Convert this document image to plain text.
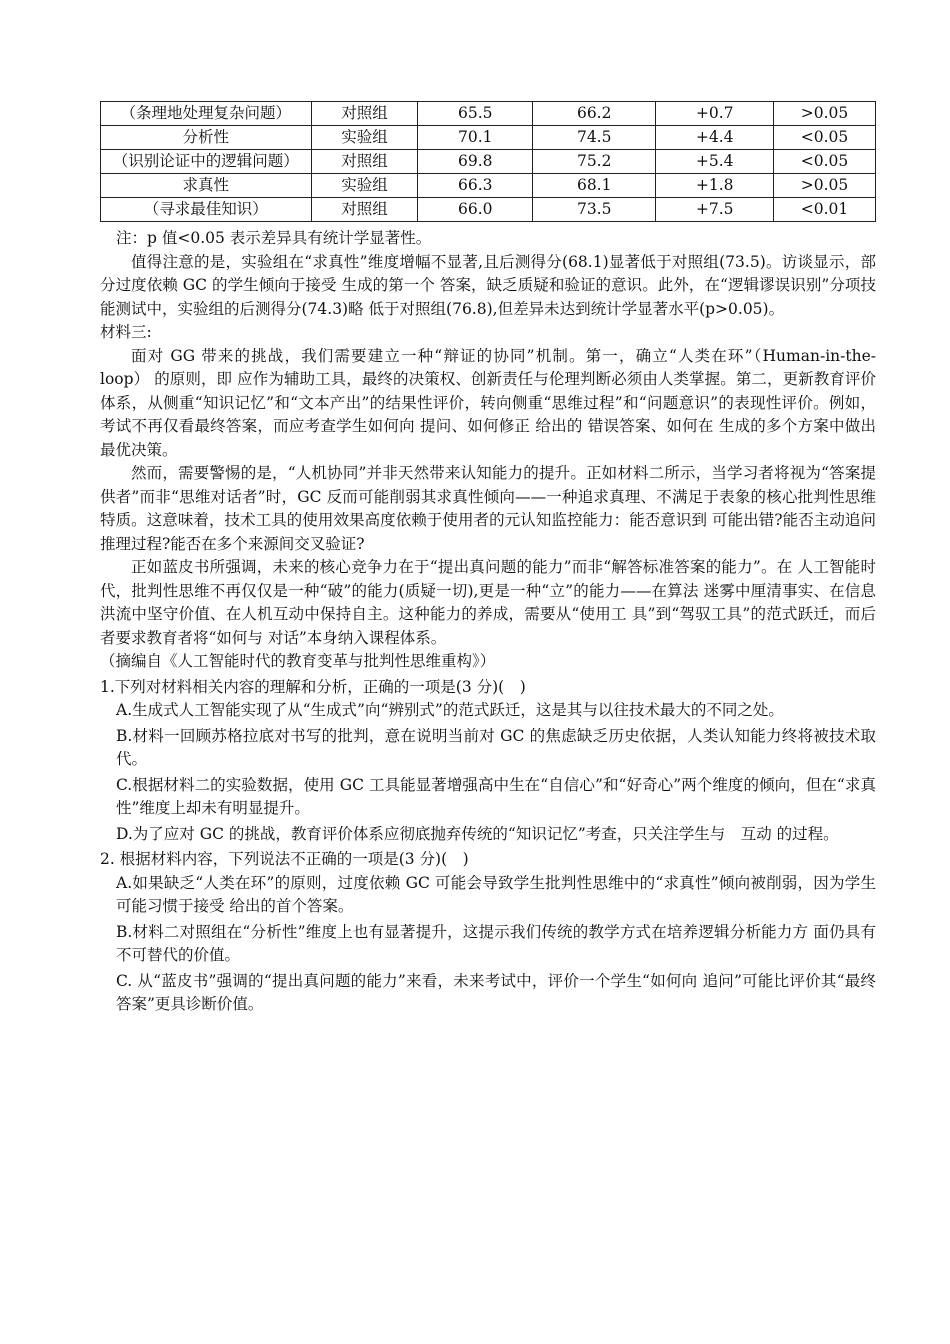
（条理地处理复杂问题）	对照组	65.5	66.2	+0.7	>0.05
分析性	实验组	70.1	74.5	+4.4	<0.05
（识别论证中的逻辑问题）	对照组	69.8	75.2	+5.4	<0.05
求真性	实验组	66.3	68.1	+1.8	>0.05
（寻求最佳知识）	对照组	66.0	73.5	+7.5	<0.01

注：p 值<0.05 表示差异具有统计学显著性。

值得注意的是，实验组在“求真性”维度增幅不显著,且后测得分(68.1)显著低于对照组(73.5)。访谈显示，部分过度依赖 GC 的学生倾向于接受 生成的第一个 答案，缺乏质疑和验证的意识。此外，在“逻辑谬误识别”分项技能测试中，实验组的后测得分(74.3)略 低于对照组(76.8),但差异未达到统计学显著水平(p>0.05)。

材料三:

面对 GG 带来的挑战，我们需要建立一种“辩证的协同”机制。第一，确立“人类在环”（Human-in-the-loop） 的原则，即 应作为辅助工具，最终的决策权、创新责任与伦理判断必须由人类掌握。第二，更新教育评价体系，从侧重“知识记忆”和“文本产出”的结果性评价，转向侧重“思维过程”和“问题意识”的表现性评价。例如，考试不再仅看最终答案，而应考查学生如何向 提问、如何修正 给出的 错误答案、如何在 生成的多个方案中做出最优决策。

然而，需要警惕的是，“人机协同”并非天然带来认知能力的提升。正如材料二所示，当学习者将视为“答案提供者”而非“思维对话者”时，GC 反而可能削弱其求真性倾向——一种追求真理、不满足于表象的核心批判性思维特质。这意味着，技术工具的使用效果高度依赖于使用者的元认知监控能力：能否意识到 可能出错?能否主动追问 推理过程?能否在多个来源间交叉验证?

正如蓝皮书所强调，未来的核心竞争力在于“提出真问题的能力”而非“解答标准答案的能力”。在 人工智能时代，批判性思维不再仅仅是一种“破”的能力(质疑一切),更是一种“立”的能力——在算法 迷雾中厘清事实、在信息洪流中坚守价值、在人机互动中保持自主。这种能力的养成，需要从“使用工 具”到“驾驭工具”的范式跃迁，而后者要求教育者将“如何与 对话”本身纳入课程体系。

（摘编自《人工智能时代的教育变革与批判性思维重构》）

1.下列对材料相关内容的理解和分析，正确的一项是(3 分)(　)

A.生成式人工智能实现了从“生成式”向“辨别式”的范式跃迁，这是其与以往技术最大的不同之处。

B.材料一回顾苏格拉底对书写的批判，意在说明当前对 GC 的焦虑缺乏历史依据，人类认知能力终将被技术取代。

C.根据材料二的实验数据，使用 GC 工具能显著增强高中生在“自信心”和“好奇心”两个维度的倾向，但在“求真性”维度上却未有明显提升。

D.为了应对 GC 的挑战，教育评价体系应彻底抛弃传统的“知识记忆”考查，只关注学生与　互动 的过程。

2. 根据材料内容，下列说法不正确的一项是(3 分)(　)

A.如果缺乏“人类在环”的原则，过度依赖 GC 可能会导致学生批判性思维中的“求真性”倾向被削弱，因为学生可能习惯于接受 给出的首个答案。

B.材料二对照组在“分析性”维度上也有显著提升，这提示我们传统的教学方式在培养逻辑分析能力方 面仍具有不可替代的价值。

C. 从“蓝皮书”强调的“提出真问题的能力”来看，未来考试中，评价一个学生“如何向 追问”可能比评价其“最终答案”更具诊断价值。
